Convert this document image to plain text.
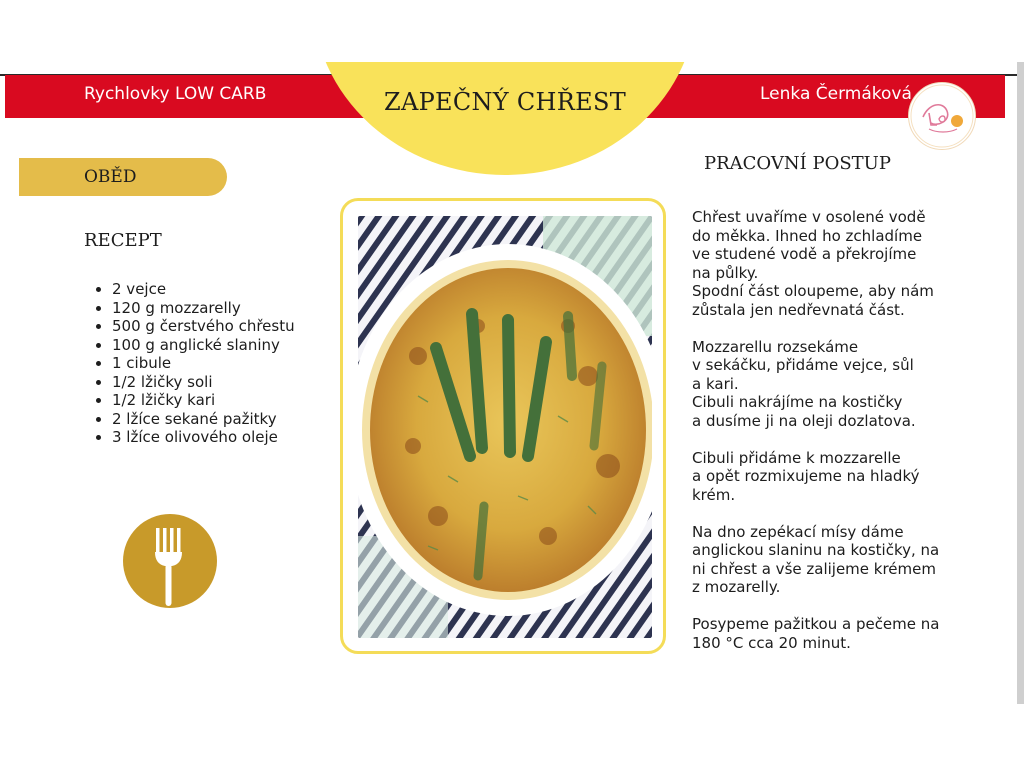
Rychlovky LOW CARB	Lenka Čermáková
ZAPEČNÝ CHŘEST
OBĚD
RECEPT
• 2 vejce
• 120 g mozzarelly
• 500 g čerstvého chřestu
• 100 g anglické slaniny
• 1 cibule
• 1/2 lžičky soli
• 1/2 lžičky kari
• 2 lžíce sekané pažitky
• 3 lžíce olivového oleje
PRACOVNÍ POSTUP

Chřest uvaříme v osolené vodě
do měkka. Ihned ho zchladíme
ve studené vodě a překrojíme
na půlky.
Spodní část oloupeme, aby nám
zůstala jen nedřevnatá část.

Mozzarellu rozsekáme
v sekáčku, přidáme vejce, sůl
a kari.
Cibuli nakrájíme na kostičky
a dusíme ji na oleji dozlatova.

Cibuli přidáme k mozzarelle
a opět rozmixujeme na hladký
krém.

Na dno zepékací mísy dáme
anglickou slaninu na kostičky, na
ni chřest a vše zalijeme krémem
z mozarelly.

Posypeme pažitkou a pečeme na
180 °C cca 20 minut.
